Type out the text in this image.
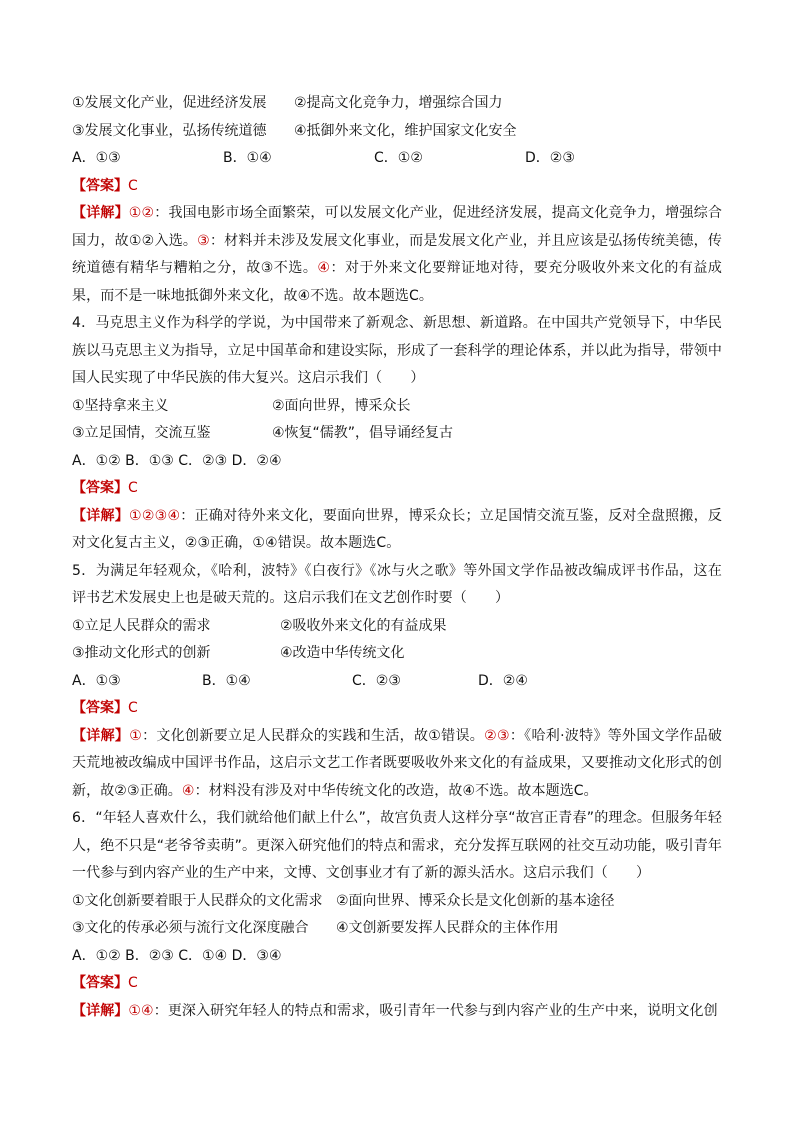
①发展文化产业，促进经济发展	②提高文化竞争力，增强综合国力
③发展文化事业，弘扬传统道德	④抵御外来文化，维护国家文化安全
A．①③	B．①④	C．①②	D．②③
【答案】C
【详解】①②：我国电影市场全面繁荣，可以发展文化产业，促进经济发展，提高文化竞争力，增强综合国力，故①②入选。③：材料并未涉及发展文化事业，而是发展文化产业，并且应该是弘扬传统美德，传统道德有精华与糟粕之分，故③不选。④：对于外来文化要辩证地对待，要充分吸收外来文化的有益成果，而不是一味地抵御外来文化，故④不选。故本题选C。
4．马克思主义作为科学的学说，为中国带来了新观念、新思想、新道路。在中国共产党领导下，中华民族以马克思主义为指导，立足中国革命和建设实际，形成了一套科学的理论体系，并以此为指导，带领中国人民实现了中华民族的伟大复兴。这启示我们（　　）
①坚持拿来主义	②面向世界，博采众长
③立足国情，交流互鉴	④恢复“儒教”，倡导诵经复古
A．①② B．①③ C．②③ D．②④
【答案】C
【详解】①②③④：正确对待外来文化，要面向世界，博采众长；立足国情交流互鉴，反对全盘照搬，反对文化复古主义，②③正确，①④错误。故本题选C。
5．为满足年轻观众，《哈利，波特》《白夜行》《冰与火之歌》等外国文学作品被改编成评书作品，这在评书艺术发展史上也是破天荒的。这启示我们在文艺创作时要（　　）
①立足人民群众的需求	②吸收外来文化的有益成果
③推动文化形式的创新	④改造中华传统文化
A．①③	B．①④	C．②③	D．②④
【答案】C
【详解】①：文化创新要立足人民群众的实践和生活，故①错误。②③：《哈利·波特》等外国文学作品破天荒地被改编成中国评书作品，这启示文艺工作者既要吸收外来文化的有益成果，又要推动文化形式的创新，故②③正确。④：材料没有涉及对中华传统文化的改造，故④不选。故本题选C。
6．“年轻人喜欢什么，我们就给他们献上什么”，故宫负责人这样分享“故宫正青春”的理念。但服务年轻人，绝不只是“老爷爷卖萌”。更深入研究他们的特点和需求，充分发挥互联网的社交互动功能，吸引青年一代参与到内容产业的生产中来，文博、文创事业才有了新的源头活水。这启示我们（　　）
①文化创新要着眼于人民群众的文化需求 ②面向世界、博采众长是文化创新的基本途径
③文化的传承必须与流行文化深度融合	④文创新要发挥人民群众的主体作用
A．①② B．②③ C．①④ D．③④
【答案】C
【详解】①④：更深入研究年轻人的特点和需求，吸引青年一代参与到内容产业的生产中来，说明文化创
